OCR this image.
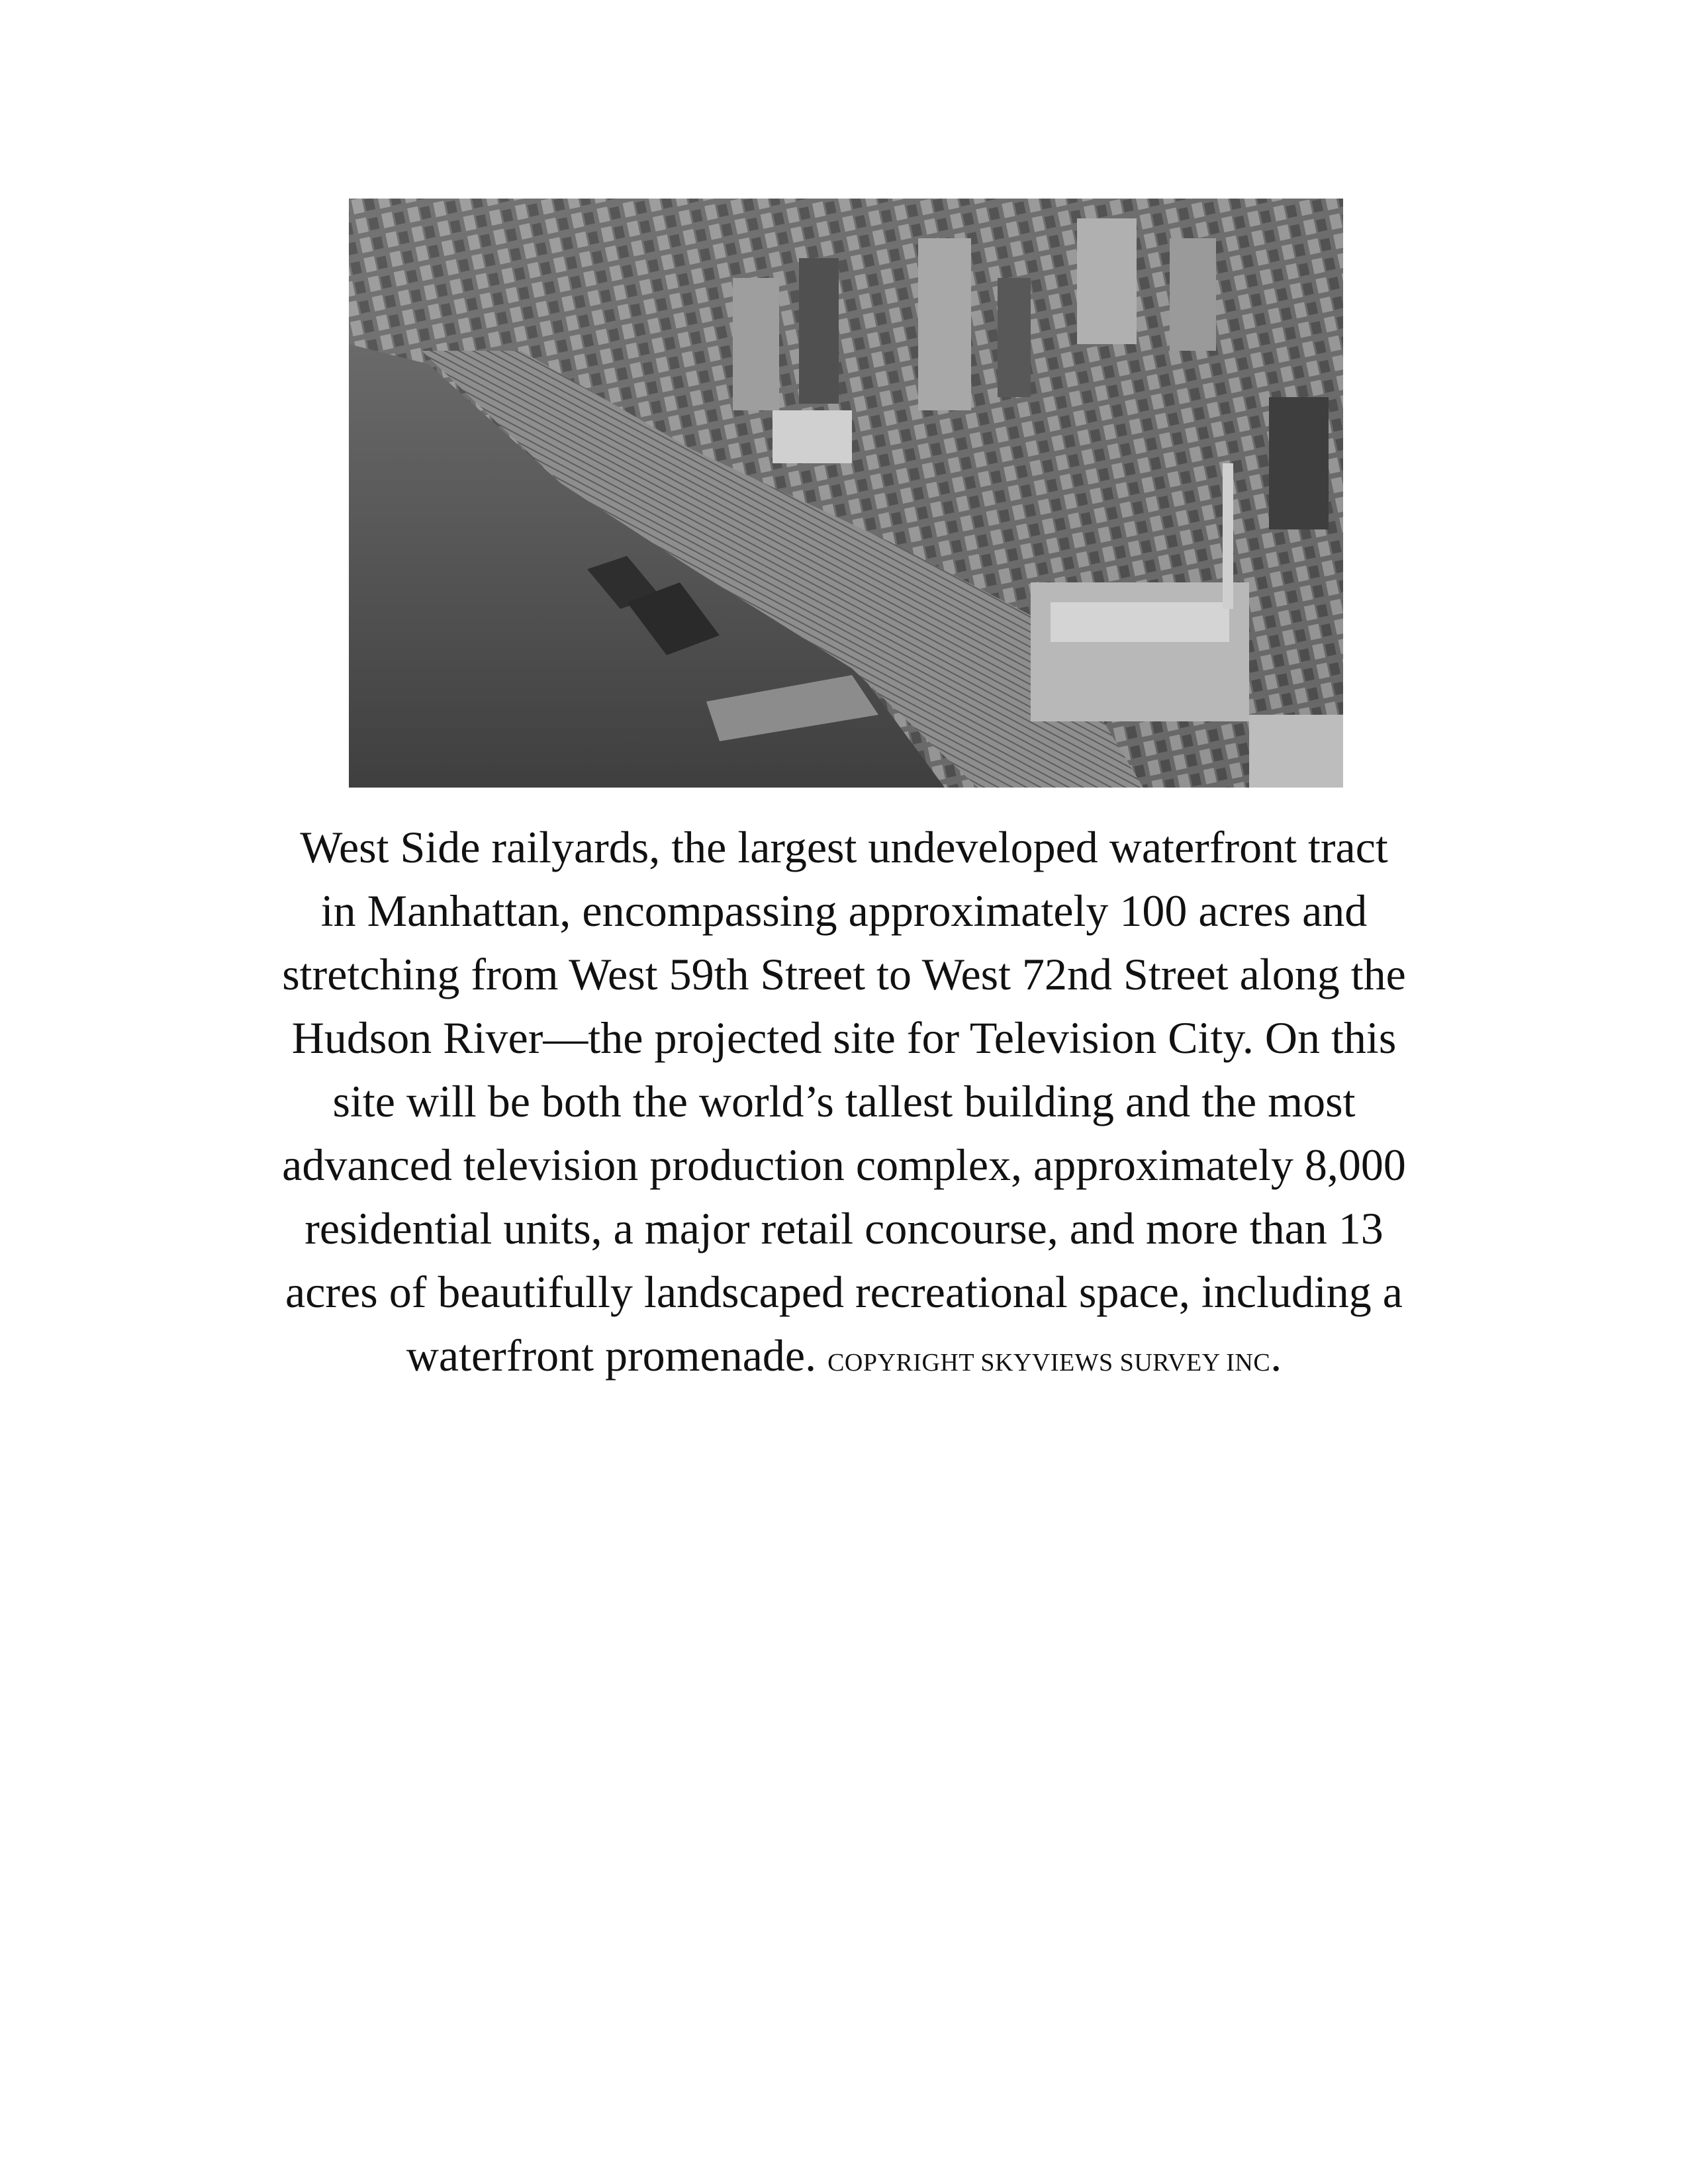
West Side railyards, the largest undeveloped waterfront tract
in Manhattan, encompassing approximately 100 acres and
stretching from West 59th Street to West 72nd Street along the
Hudson River—the projected site for Television City. On this
site will be both the world’s tallest building and the most
advanced television production complex, approximately 8,000
residential units, a major retail concourse, and more than 13
acres of beautifully landscaped recreational space, including a
waterfront promenade. COPYRIGHT SKYVIEWS SURVEY INC.
